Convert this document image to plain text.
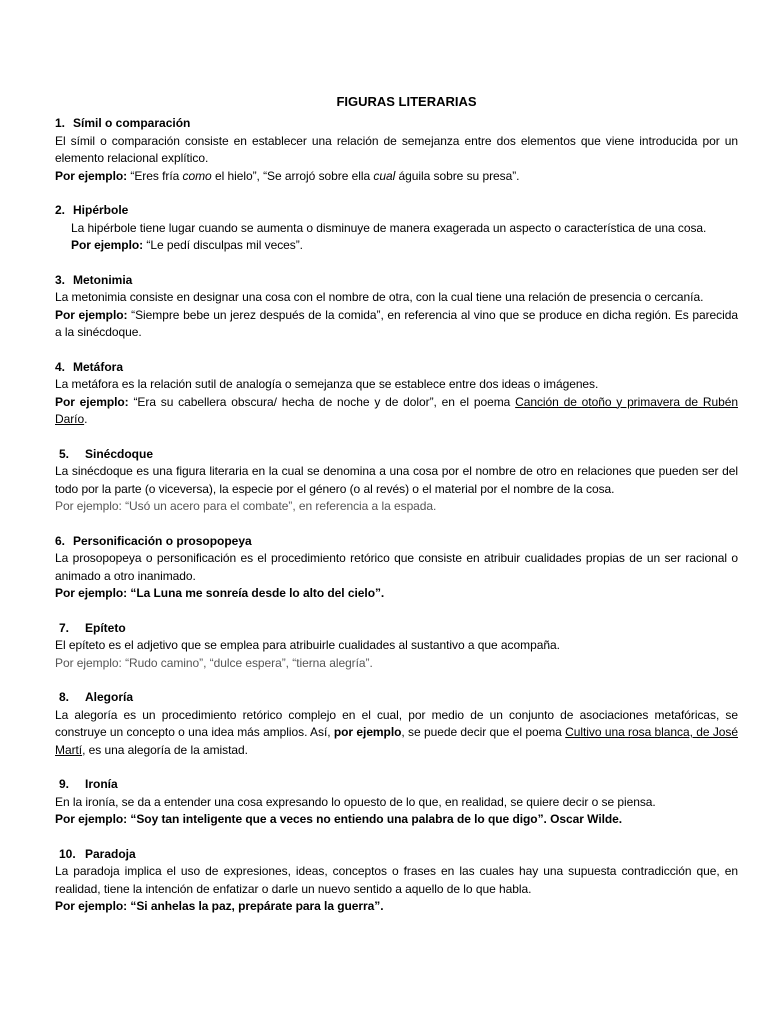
FIGURAS LITERARIAS
1. Símil o comparación

El símil o comparación consiste en establecer una relación de semejanza entre dos elementos que viene introducida por un elemento relacional explítico.

Por ejemplo: “Eres fría como el hielo”, “Se arrojó sobre ella cual águila sobre su presa”.

2. Hipérbole

La hipérbole tiene lugar cuando se aumenta o disminuye de manera exagerada un aspecto o característica de una cosa.

Por ejemplo: “Le pedí disculpas mil veces”.

3. Metonimia

La metonimia consiste en designar una cosa con el nombre de otra, con la cual tiene una relación de presencia o cercanía.

Por ejemplo: “Siempre bebe un jerez después de la comida”, en referencia al vino que se produce en dicha región. Es parecida a la sinécdoque.

4. Metáfora

La metáfora es la relación sutil de analogía o semejanza que se establece entre dos ideas o imágenes.

Por ejemplo: “Era su cabellera obscura/ hecha de noche y de dolor”, en el poema Canción de otoño y primavera de Rubén Darío.

5.	Sinécdoque

La sinécdoque es una figura literaria en la cual se denomina a una cosa por el nombre de otro en relaciones que pueden ser del todo por la parte (o viceversa), la especie por el género (o al revés) o el material por el nombre de la cosa.

Por ejemplo: “Usó un acero para el combate”, en referencia a la espada.

6. Personificación o prosopopeya

La prosopopeya o personificación es el procedimiento retórico que consiste en atribuir cualidades propias de un ser racional o animado a otro inanimado.

Por ejemplo: “La Luna me sonreía desde lo alto del cielo”.

7.	Epíteto

El epíteto es el adjetivo que se emplea para atribuirle cualidades al sustantivo a que acompaña.

Por ejemplo: “Rudo camino”, “dulce espera”, “tierna alegría”.

8.	Alegoría

La alegoría es un procedimiento retórico complejo en el cual, por medio de un conjunto de asociaciones metafóricas, se construye un concepto o una idea más amplios. Así, por ejemplo, se puede decir que el poema Cultivo una rosa blanca, de José Martí, es una alegoría de la amistad.

9.	Ironía

En la ironía, se da a entender una cosa expresando lo opuesto de lo que, en realidad, se quiere decir o se piensa.

Por ejemplo: “Soy tan inteligente que a veces no entiendo una palabra de lo que digo”. Oscar Wilde.

10. Paradoja

La paradoja implica el uso de expresiones, ideas, conceptos o frases en las cuales hay una supuesta contradicción que, en realidad, tiene la intención de enfatizar o darle un nuevo sentido a aquello de lo que habla.

Por ejemplo: “Si anhelas la paz, prepárate para la guerra”.
